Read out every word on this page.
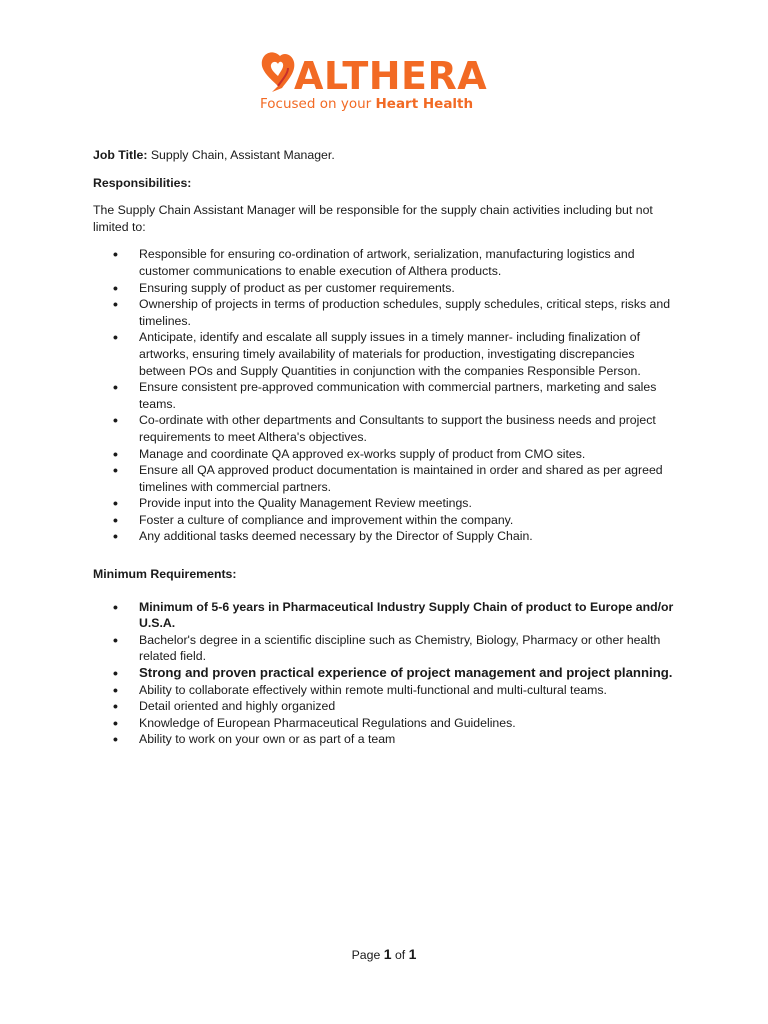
ALTHERA
Focused on your Heart Health

Job Title: Supply Chain, Assistant Manager.

Responsibilities:

The Supply Chain Assistant Manager will be responsible for the supply chain activities including but not limited to:

• Responsible for ensuring co-ordination of artwork, serialization, manufacturing logistics and customer communications to enable execution of Althera products.
• Ensuring supply of product as per customer requirements.
• Ownership of projects in terms of production schedules, supply schedules, critical steps, risks and timelines.
• Anticipate, identify and escalate all supply issues in a timely manner- including finalization of artworks, ensuring timely availability of materials for production, investigating discrepancies between POs and Supply Quantities in conjunction with the companies Responsible Person.
• Ensure consistent pre-approved communication with commercial partners, marketing and sales teams.
• Co-ordinate with other departments and Consultants to support the business needs and project requirements to meet Althera's objectives.
• Manage and coordinate QA approved ex-works supply of product from CMO sites.
• Ensure all QA approved product documentation is maintained in order and shared as per agreed timelines with commercial partners.
• Provide input into the Quality Management Review meetings.
• Foster a culture of compliance and improvement within the company.
• Any additional tasks deemed necessary by the Director of Supply Chain.

Minimum Requirements:

• Minimum of 5-6 years in Pharmaceutical Industry Supply Chain of product to Europe and/or U.S.A.
• Bachelor's degree in a scientific discipline such as Chemistry, Biology, Pharmacy or other health related field.
• Strong and proven practical experience of project management and project planning.
• Ability to collaborate effectively within remote multi-functional and multi-cultural teams.
• Detail oriented and highly organized
• Knowledge of European Pharmaceutical Regulations and Guidelines.
• Ability to work on your own or as part of a team
Page 1 of 1
